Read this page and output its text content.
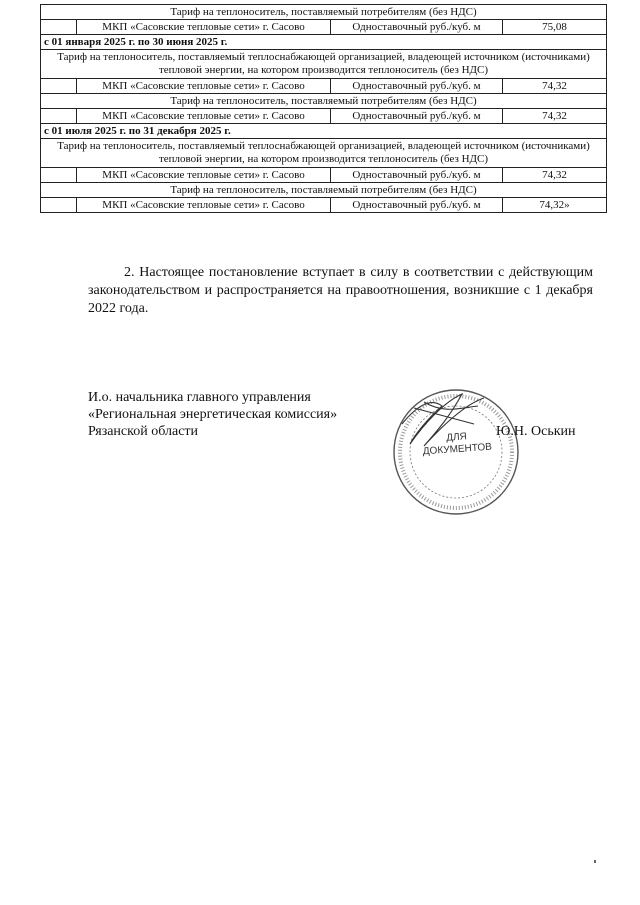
Тариф на теплоноситель, поставляемый потребителям (без НДС)			
	МКП «Сасовские тепловые сети» г. Сасово	Одноставочный руб./куб. м	75,08
с 01 января 2025 г. по 30 июня 2025 г.			
Тариф на теплоноситель, поставляемый теплоснабжающей организацией, владеющей источником (источниками) тепловой энергии, на котором производится теплоноситель (без НДС)			
	МКП «Сасовские тепловые сети» г. Сасово	Одноставочный руб./куб. м	74,32
Тариф на теплоноситель, поставляемый потребителям (без НДС)			
	МКП «Сасовские тепловые сети» г. Сасово	Одноставочный руб./куб. м	74,32
с 01 июля 2025 г. по 31 декабря 2025 г.			
Тариф на теплоноситель, поставляемый теплоснабжающей организацией, владеющей источником (источниками) тепловой энергии, на котором производится теплоноситель (без НДС)			
	МКП «Сасовские тепловые сети» г. Сасово	Одноставочный руб./куб. м	74,32
Тариф на теплоноситель, поставляемый потребителям (без НДС)			
	МКП «Сасовские тепловые сети» г. Сасово	Одноставочный руб./куб. м	74,32»

2. Настоящее постановление вступает в силу в соответствии с действующим законодательством и распространяется на правоотношения, возникшие с 1 декабря 2022 года.

И.о. начальника главного управления
«Региональная энергетическая комиссия»
Рязанской области	ДЛЯ
ДОКУМЕНТОВ
Ю.Н. Оськин
